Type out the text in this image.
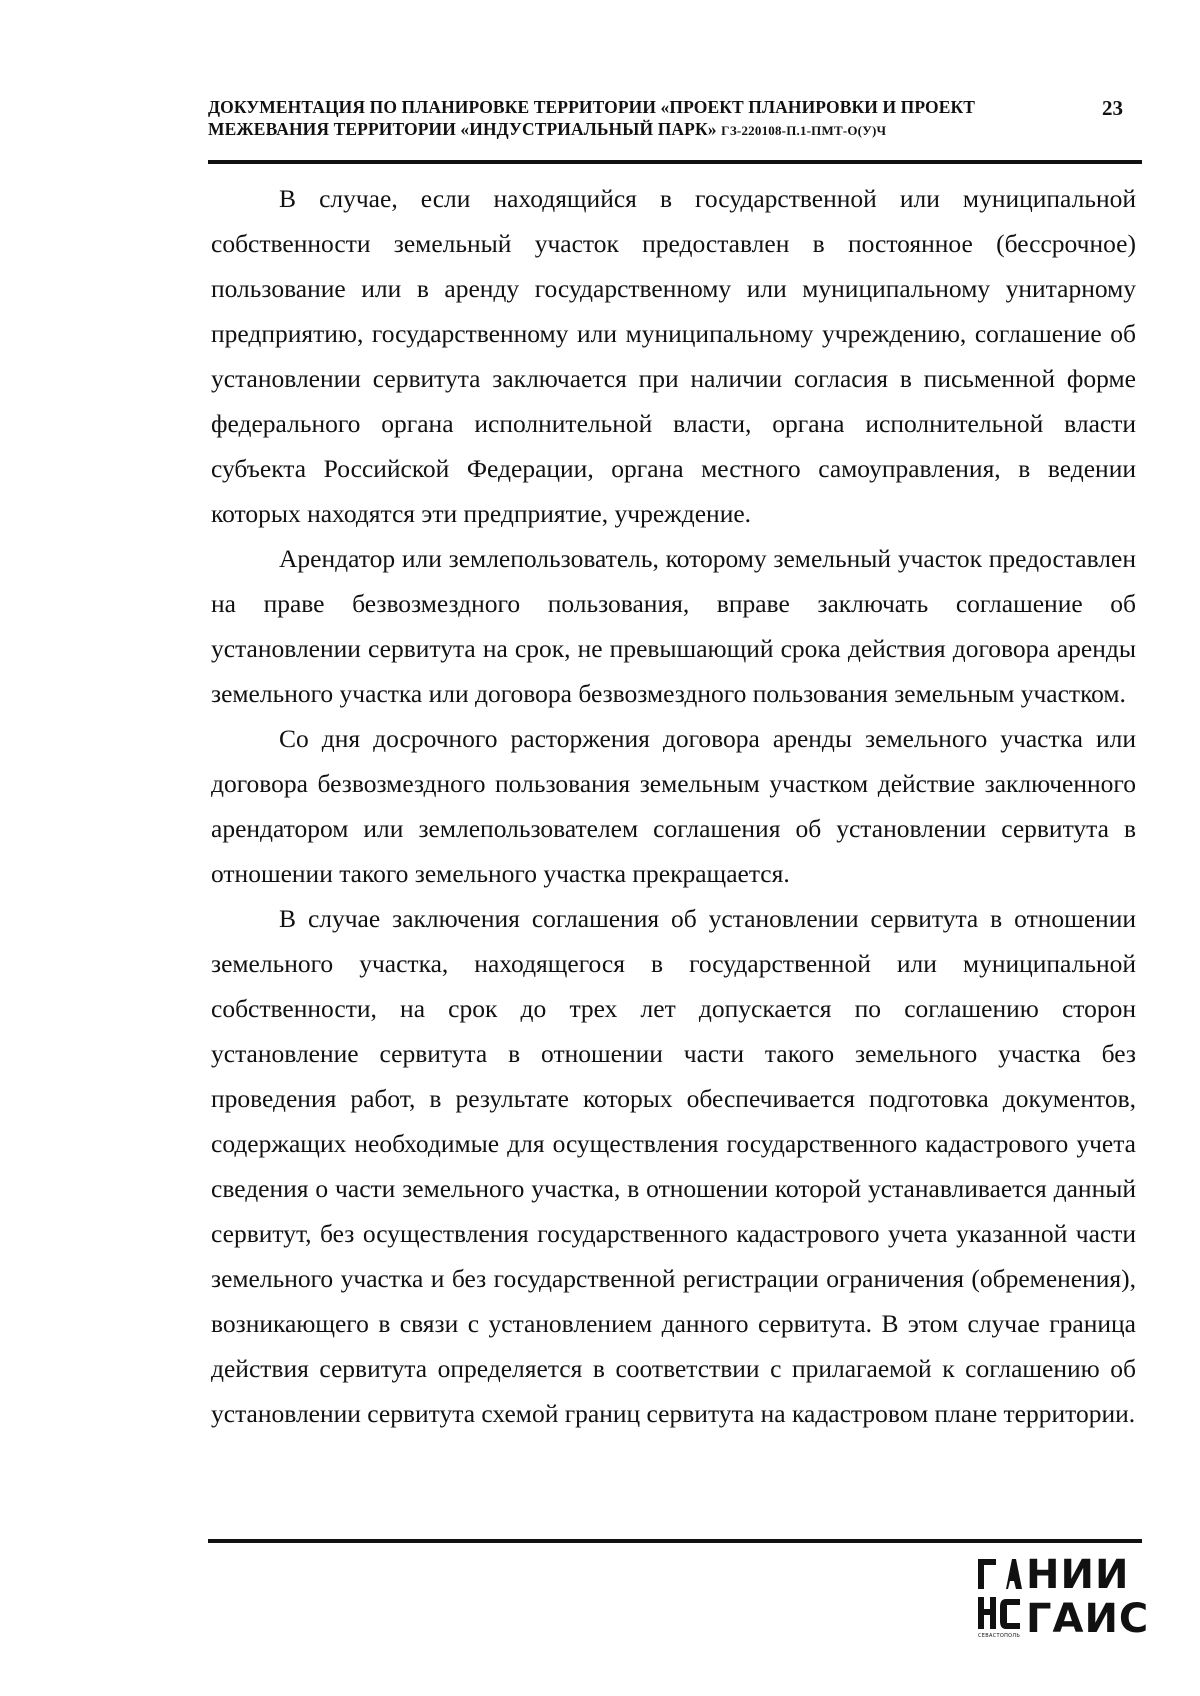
ДОКУМЕНТАЦИЯ ПО ПЛАНИРОВКЕ ТЕРРИТОРИИ «ПРОЕКТ ПЛАНИРОВКИ И ПРОЕКТ
МЕЖЕВАНИЯ ТЕРРИТОРИИ «ИНДУСТРИАЛЬНЫЙ ПАРК» ГЗ-220108-П.1-ПМТ-О(У)Ч
23

В случае, если находящийся в государственной или муниципальной собственности земельный участок предоставлен в постоянное (бессрочное) пользование или в аренду государственному или муниципальному унитарному предприятию, государственному или муниципальному учреждению, соглашение об установлении сервитута заключается при наличии согласия в письменной форме федерального органа исполнительной власти, органа исполнительной власти субъекта Российской Федерации, органа местного самоуправления, в ведении которых находятся эти предприятие, учреждение.

Арендатор или землепользователь, которому земельный участок предоставлен на праве безвозмездного пользования, вправе заключать соглашение об установлении сервитута на срок, не превышающий срока действия договора аренды земельного участка или договора безвозмездного пользования земельным участком.

Со дня досрочного расторжения договора аренды земельного участка или договора безвозмездного пользования земельным участком действие заключенного арендатором или землепользователем соглашения об установлении сервитута в отношении такого земельного участка прекращается.

В случае заключения соглашения об установлении сервитута в отношении земельного участка, находящегося в государственной или муниципальной собственности, на срок до трех лет допускается по соглашению сторон установление сервитута в отношении части такого земельного участка без проведения работ, в результате которых обеспечивается подготовка документов, содержащих необходимые для осуществления государственного кадастрового учета сведения о части земельного участка, в отношении которой устанавливается данный сервитут, без осуществления государственного кадастрового учета указанной части земельного участка и без государственной регистрации ограничения (обременения), возникающего в связи с установлением данного сервитута. В этом случае граница действия сервитута определяется в соответствии с прилагаемой к соглашению об установлении сервитута схемой границ сервитута на кадастровом плане территории.

НИИ
ГАИС
СЕВАСТОПОЛЬ
